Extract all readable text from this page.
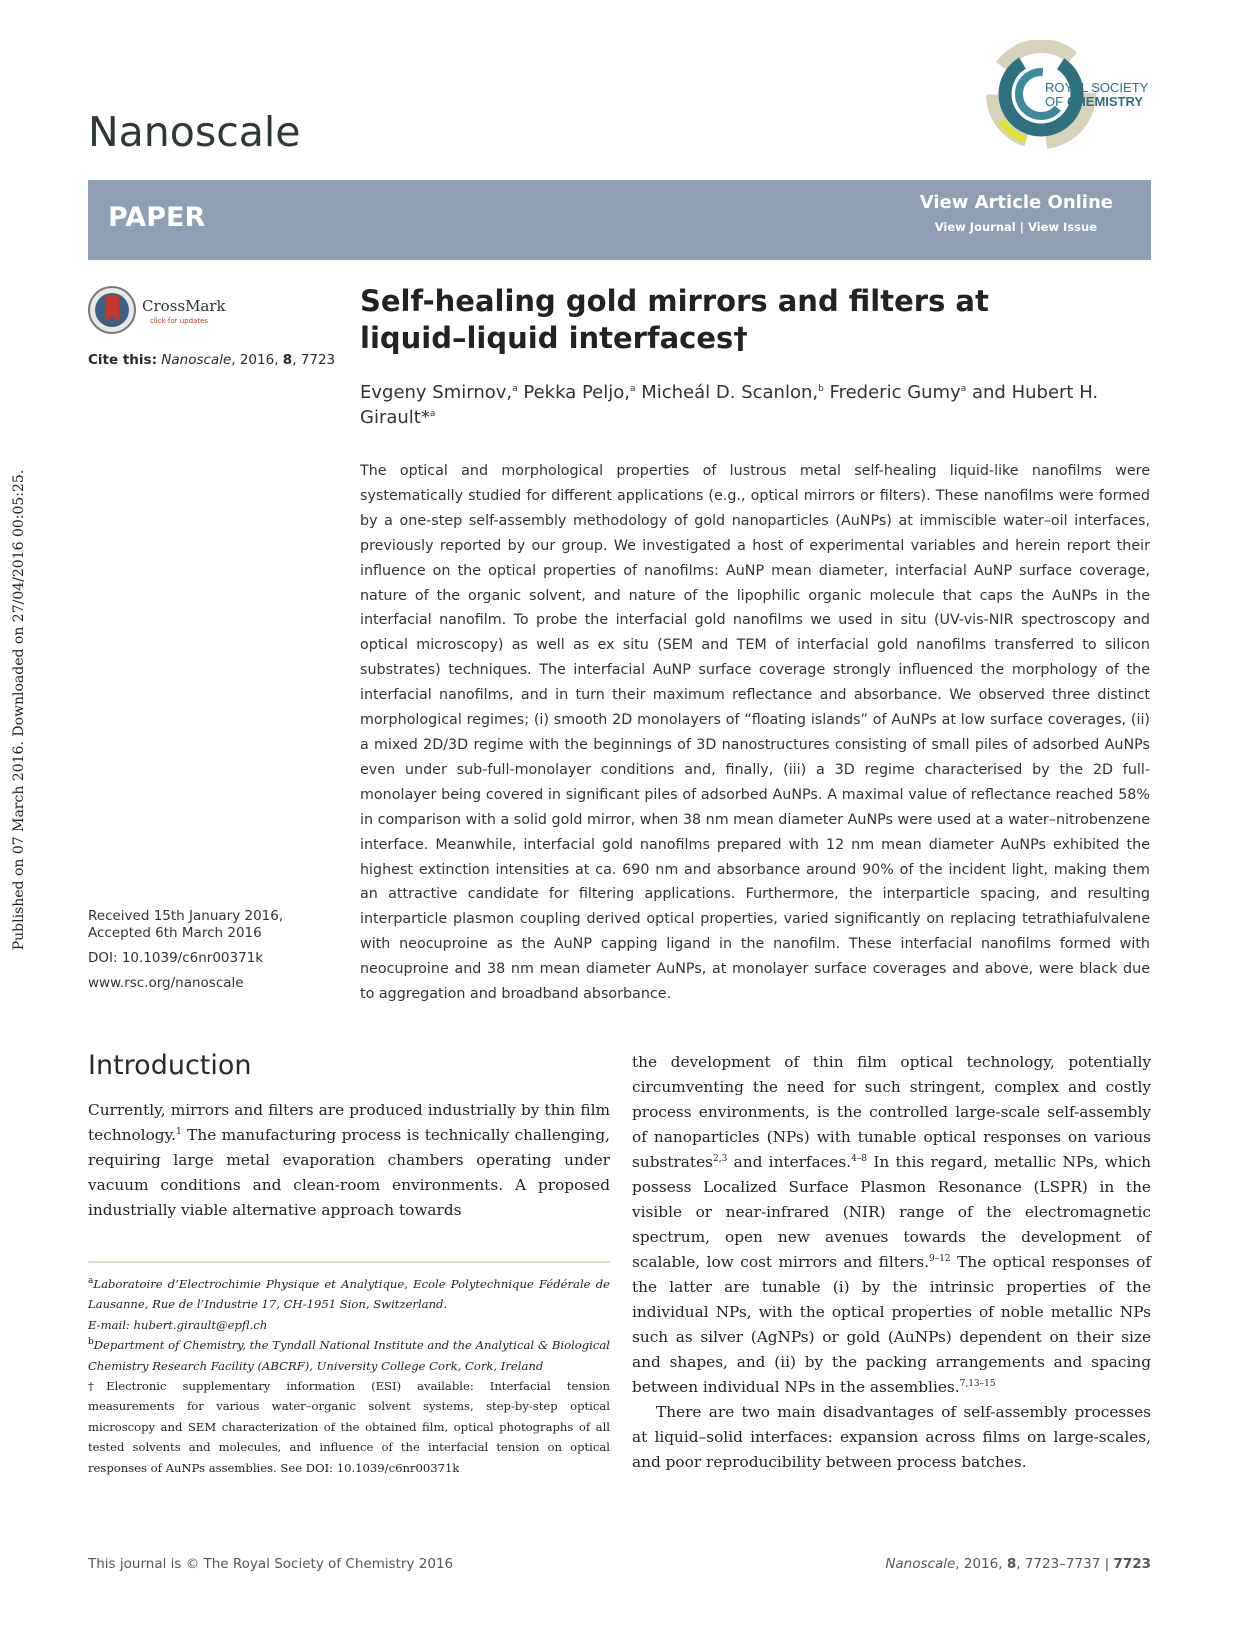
Published on 07 March 2016. Downloaded on 27/04/2016 00:05:25.
Nanoscale
ROYAL SOCIETY
OF CHEMISTRY
PAPER	View Article Online
View Journal | View Issue
CrossMark
click for updates
Cite this: Nanoscale, 2016, 8, 7723
Self-healing gold mirrors and filters at liquid–liquid interfaces†
Evgeny Smirnov,$^a$ Pekka Peljo,$^a$ Micheál D. Scanlon,$^b$ Frederic Gumy$^a$ and Hubert H. Girault*$^a$

The optical and morphological properties of lustrous metal self-healing liquid-like nanofilms were systematically studied for different applications (e.g., optical mirrors or filters). These nanofilms were formed by a one-step self-assembly methodology of gold nanoparticles (AuNPs) at immiscible water–oil interfaces, previously reported by our group. We investigated a host of experimental variables and herein report their influence on the optical properties of nanofilms: AuNP mean diameter, interfacial AuNP surface coverage, nature of the organic solvent, and nature of the lipophilic organic molecule that caps the AuNPs in the interfacial nanofilm. To probe the interfacial gold nanofilms we used in situ (UV-vis-NIR spectroscopy and optical microscopy) as well as ex situ (SEM and TEM of interfacial gold nanofilms transferred to silicon substrates) techniques. The interfacial AuNP surface coverage strongly influenced the morphology of the interfacial nanofilms, and in turn their maximum reflectance and absorbance. We observed three distinct morphological regimes; (i) smooth 2D monolayers of “floating islands” of AuNPs at low surface coverages, (ii) a mixed 2D/3D regime with the beginnings of 3D nanostructures consisting of small piles of adsorbed AuNPs even under sub-full-monolayer conditions and, finally, (iii) a 3D regime characterised by the 2D full-monolayer being covered in significant piles of adsorbed AuNPs. A maximal value of reflectance reached 58% in comparison with a solid gold mirror, when 38 nm mean diameter AuNPs were used at a water–nitrobenzene interface. Meanwhile, interfacial gold nanofilms prepared with 12 nm mean diameter AuNPs exhibited the highest extinction intensities at ca. 690 nm and absorbance around 90% of the incident light, making them an attractive candidate for filtering applications. Furthermore, the interparticle spacing, and resulting interparticle plasmon coupling derived optical properties, varied significantly on replacing tetrathiafulvalene with neocuproine as the AuNP capping ligand in the nanofilm. These interfacial nanofilms formed with neocuproine and 38 nm mean diameter AuNPs, at monolayer surface coverages and above, were black due to aggregation and broadband absorbance.

Received 15th January 2016,
Accepted 6th March 2016
DOI: 10.1039/c6nr00371k
www.rsc.org/nanoscale
Introduction

Currently, mirrors and filters are produced industrially by thin film technology.$^1$ The manufacturing process is technically challenging, requiring large metal evaporation chambers operating under vacuum conditions and clean-room environments. A proposed industrially viable alternative approach towards

$^a$Laboratoire d’Electrochimie Physique et Analytique, Ecole Polytechnique Fédérale de Lausanne, Rue de l’Industrie 17, CH-1951 Sion, Switzerland.

E-mail: hubert.girault@epfl.ch

$^b$Department of Chemistry, the Tyndall National Institute and the Analytical & Biological Chemistry Research Facility (ABCRF), University College Cork, Cork, Ireland

†Electronic supplementary information (ESI) available: Interfacial tension measurements for various water–organic solvent systems, step-by-step optical microscopy and SEM characterization of the obtained film, optical photographs of all tested solvents and molecules, and influence of the interfacial tension on optical responses of AuNPs assemblies. See DOI: 10.1039/c6nr00371k

the development of thin film optical technology, potentially circumventing the need for such stringent, complex and costly process environments, is the controlled large-scale self-assembly of nanoparticles (NPs) with tunable optical responses on various substrates$^{2,3}$ and interfaces.$^{4-8}$ In this regard, metallic NPs, which possess Localized Surface Plasmon Resonance (LSPR) in the visible or near-infrared (NIR) range of the electromagnetic spectrum, open new avenues towards the development of scalable, low cost mirrors and filters.$^{9-12}$ The optical responses of the latter are tunable (i) by the intrinsic properties of the individual NPs, with the optical properties of noble metallic NPs such as silver (AgNPs) or gold (AuNPs) dependent on their size and shapes, and (ii) by the packing arrangements and spacing between individual NPs in the assemblies.$^{7,13-15}$

There are two main disadvantages of self-assembly processes at liquid–solid interfaces: expansion across films on large-scales, and poor reproducibility between process batches.

This journal is © The Royal Society of Chemistry 2016	Nanoscale, 2016, 8, 7723–7737 | 7723
